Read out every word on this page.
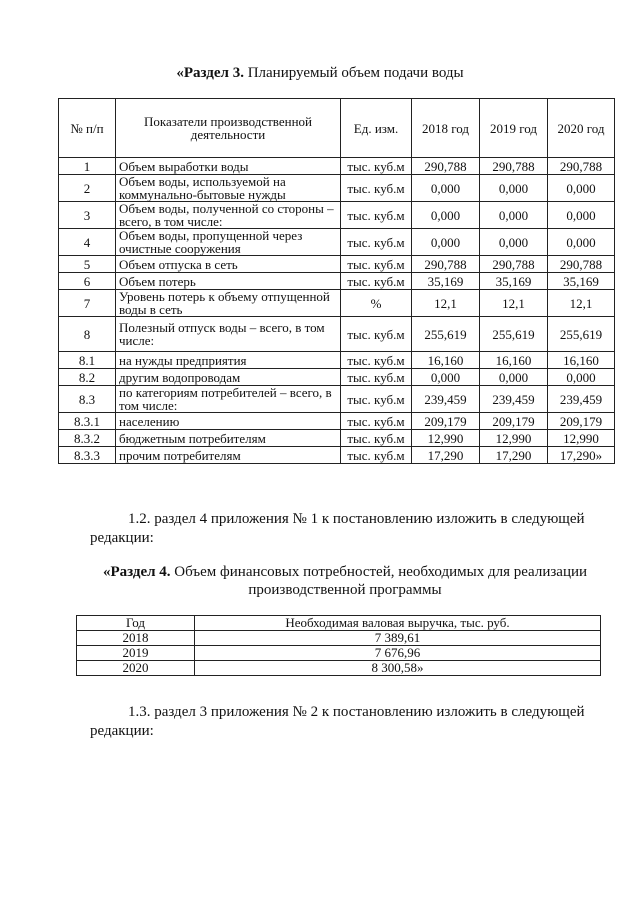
«Раздел 3. Планируемый объем подачи воды
№ п/п	Показатели производственной деятельности	Ед. изм.	2018 год	2019 год	2020 год
1	Объем выработки воды	тыс. куб.м	290,788	290,788	290,788
2	Объем воды, используемой на коммунально-бытовые нужды	тыс. куб.м	0,000	0,000	0,000
3	Объем воды, полученной со стороны – всего, в том числе:	тыс. куб.м	0,000	0,000	0,000
4	Объем воды, пропущенной через очистные сооружения	тыс. куб.м	0,000	0,000	0,000
5	Объем отпуска в сеть	тыс. куб.м	290,788	290,788	290,788
6	Объем потерь	тыс. куб.м	35,169	35,169	35,169
7	Уровень потерь к объему отпущенной воды в сеть	%	12,1	12,1	12,1
8	Полезный отпуск воды – всего, в том числе:	тыс. куб.м	255,619	255,619	255,619
8.1	на нужды предприятия	тыс. куб.м	16,160	16,160	16,160
8.2	другим водопроводам	тыс. куб.м	0,000	0,000	0,000
8.3	по категориям потребителей – всего, в том числе:	тыс. куб.м	239,459	239,459	239,459
8.3.1	населению	тыс. куб.м	209,179	209,179	209,179
8.3.2	бюджетным потребителям	тыс. куб.м	12,990	12,990	12,990
8.3.3	прочим потребителям	тыс. куб.м	17,290	17,290	17,290»
1.2. раздел 4 приложения № 1 к постановлению изложить в следующей редакции:
«Раздел 4. Объем финансовых потребностей, необходимых для реализации производственной программы
Год	Необходимая валовая выручка, тыс. руб.
2018	7 389,61
2019	7 676,96
2020	8 300,58»
1.3. раздел 3 приложения № 2 к постановлению изложить в следующей редакции:
